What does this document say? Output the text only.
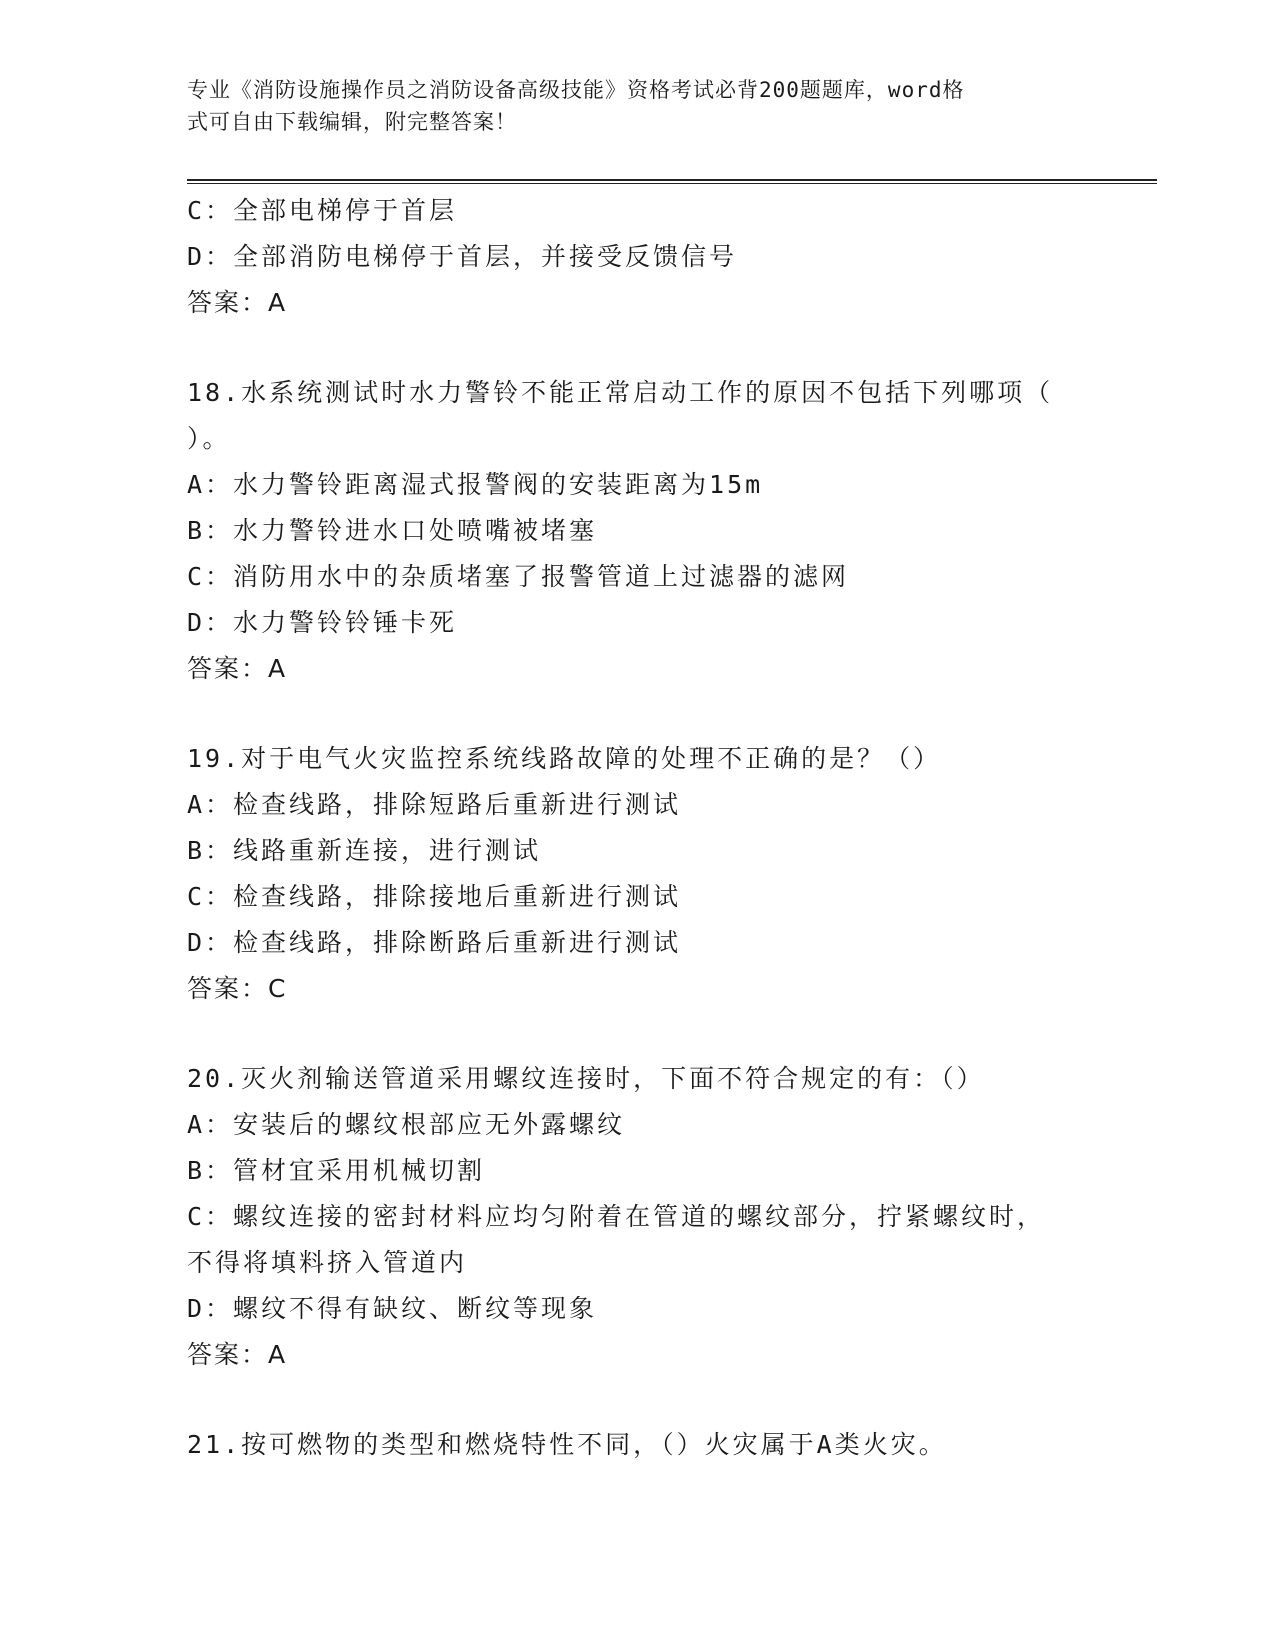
专业《消防设施操作员之消防设备高级技能》资格考试必背200题题库，word格
式可自由下载编辑，附完整答案！
C：全部电梯停于首层
D：全部消防电梯停于首层，并接受反馈信号
答案：A
18.水系统测试时水力警铃不能正常启动工作的原因不包括下列哪项（
）。
A：水力警铃距离湿式报警阀的安装距离为15m
B：水力警铃进水口处喷嘴被堵塞
C：消防用水中的杂质堵塞了报警管道上过滤器的滤网
D：水力警铃铃锤卡死
答案：A
19.对于电气火灾监控系统线路故障的处理不正确的是？（）
A：检查线路，排除短路后重新进行测试
B：线路重新连接，进行测试
C：检查线路，排除接地后重新进行测试
D：检查线路，排除断路后重新进行测试
答案：C
20.灭火剂输送管道采用螺纹连接时，下面不符合规定的有：（）
A：安装后的螺纹根部应无外露螺纹
B：管材宜采用机械切割
C：螺纹连接的密封材料应均匀附着在管道的螺纹部分，拧紧螺纹时，
不得将填料挤入管道内
D：螺纹不得有缺纹、断纹等现象
答案：A
21.按可燃物的类型和燃烧特性不同，（）火灾属于A类火灾。
